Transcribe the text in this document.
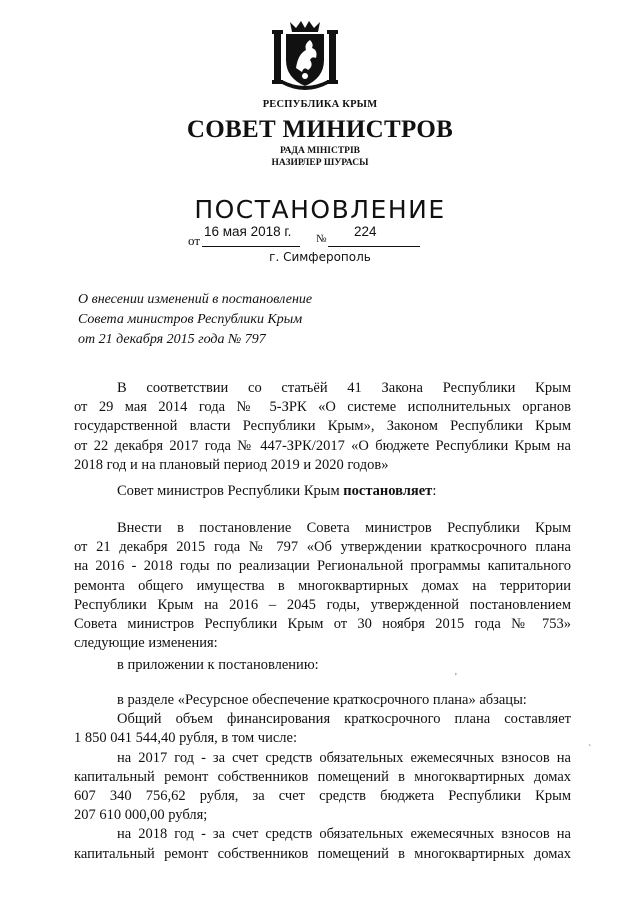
РЕСПУБЛИКА КРЫМ
СОВЕТ МИНИСТРОВ
РАДА МІНІСТРІВ
НАЗИРЛЕР ШУРАСЫ
ПОСТАНОВЛЕНИЕ
от
16 мая 2018 г. № 224
г. Симферополь
О внесении изменений в постановление
Совета министров Республики Крым
от 21 декабря 2015 года № 797
В соответствии со статьёй 41 Закона Республики Крым
от 29 мая 2014 года № 5-ЗРК «О системе исполнительных органов
государственной власти Республики Крым», Законом Республики Крым
от 22 декабря 2017 года № 447-ЗРК/2017 «О бюджете Республики Крым на
2018 год и на плановый период 2019 и 2020 годов»
Совет министров Республики Крым постановляет:
Внести в постановление Совета министров Республики Крым
от 21 декабря 2015 года № 797 «Об утверждении краткосрочного плана
на 2016 - 2018 годы по реализации Региональной программы капитального
ремонта общего имущества в многоквартирных домах на территории
Республики Крым на 2016 – 2045 годы, утвержденной постановлением
Совета министров Республики Крым от 30 ноября 2015 года № 753»
следующие изменения:
в приложении к постановлению:
в разделе «Ресурсное обеспечение краткосрочного плана» абзацы:
Общий объем финансирования краткосрочного плана составляет
1 850 041 544,40 рубля, в том числе:
на 2017 год - за счет средств обязательных ежемесячных взносов на
капитальный ремонт собственников помещений в многоквартирных домах
607 340 756,62 рубля, за счет средств бюджета Республики Крым
207 610 000,00 рубля;
на 2018 год - за счет средств обязательных ежемесячных взносов на
капитальный ремонт собственников помещений в многоквартирных домах
'
`
